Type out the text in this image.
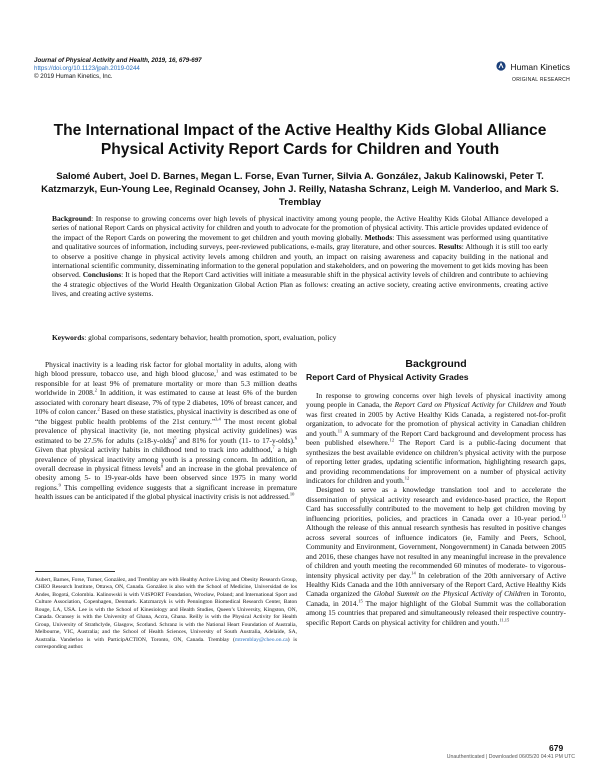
Journal of Physical Activity and Health, 2019, 16, 679-697
https://doi.org/10.1123/jpah.2019-0244
© 2019 Human Kinetics, Inc.
Human Kinetics
ORIGINAL RESEARCH
The International Impact of the Active Healthy Kids Global Alliance Physical Activity Report Cards for Children and Youth
Salomé Aubert, Joel D. Barnes, Megan L. Forse, Evan Turner, Silvia A. González, Jakub Kalinowski, Peter T. Katzmarzyk, Eun-Young Lee, Reginald Ocansey, John J. Reilly, Natasha Schranz, Leigh M. Vanderloo, and Mark S. Tremblay
Background: In response to growing concerns over high levels of physical inactivity among young people, the Active Healthy Kids Global Alliance developed a series of national Report Cards on physical activity for children and youth to advocate for the promotion of physical activity. This article provides updated evidence of the impact of the Report Cards on powering the movement to get children and youth moving globally. Methods: This assessment was performed using quantitative and qualitative sources of information, including surveys, peer-reviewed publications, e-mails, gray literature, and other sources. Results: Although it is still too early to observe a positive change in physical activity levels among children and youth, an impact on raising awareness and capacity building in the national and international scientific community, disseminating information to the general population and stakeholders, and on powering the movement to get kids moving has been observed. Conclusions: It is hoped that the Report Card activities will initiate a measurable shift in the physical activity levels of children and contribute to achieving the 4 strategic objectives of the World Health Organization Global Action Plan as follows: creating an active society, creating active environments, creating active lives, and creating active systems.
Keywords: global comparisons, sedentary behavior, health promotion, sport, evaluation, policy

Physical inactivity is a leading risk factor for global mortality in adults, along with high blood pressure, tobacco use, and high blood glucose,$^1$ and was estimated to be responsible for at least 9% of premature mortality or more than 5.3 million deaths worldwide in 2008.$^2$ In addition, it was estimated to cause at least 6% of the burden associated with coronary heart disease, 7% of type 2 diabetes, 10% of breast cancer, and 10% of colon cancer.$^2$ Based on these statistics, physical inactivity is described as one of “the biggest public health problems of the 21st century.”$^{3,4}$ The most recent global prevalence of physical inactivity (ie, not meeting physical activity guidelines) was estimated to be 27.5% for adults (≥18-y-olds)$^5$ and 81% for youth (11- to 17-y-olds).$^6$ Given that physical activity habits in childhood tend to track into adulthood,$^7$ a high prevalence of physical inactivity among youth is a pressing concern. In addition, an overall decrease in physical fitness levels$^8$ and an increase in the global prevalence of obesity among 5- to 19-year-olds have been observed since 1975 in many world regions.$^9$ This compelling evidence suggests that a significant increase in premature health issues can be anticipated if the global physical inactivity crisis is not addressed.$^{10}$

Background
Report Card of Physical Activity Grades

In response to growing concerns over high levels of physical inactivity among young people in Canada, the Report Card on Physical Activity for Children and Youth was first created in 2005 by Active Healthy Kids Canada, a registered not-for-profit organization, to advocate for the promotion of physical activity in Canadian children and youth.$^{11}$ A summary of the Report Card background and development process has been published elsewhere.$^{12}$ The Report Card is a public-facing document that synthesizes the best available evidence on children’s physical activity with the purpose of reporting letter grades, updating scientific information, highlighting research gaps, and providing recommendations for improvement on a number of physical activity indicators for children and youth.$^{12}$

Designed to serve as a knowledge translation tool and to accelerate the dissemination of physical activity research and evidence-based practice, the Report Card has successfully contributed to the movement to help get children moving by influencing priorities, policies, and practices in Canada over a 10-year period.$^{13}$ Although the release of this annual research synthesis has resulted in positive changes across several sources of influence indicators (ie, Family and Peers, School, Community and Environment, Government, Nongovernment) in Canada between 2005 and 2016, these changes have not resulted in any meaningful increase in the prevalence of children and youth meeting the recommended 60 minutes of moderate- to vigorous-intensity physical activity per day.$^{14}$ In celebration of the 20th anniversary of Active Healthy Kids Canada and the 10th anniversary of the Report Card, Active Healthy Kids Canada organized the Global Summit on the Physical Activity of Children in Toronto, Canada, in 2014.15 The major highlight of the Global Summit was the collaboration among 15 countries that prepared and simultaneously released their respective country-specific Report Cards on physical activity for children and youth.$^{11,15}$

Aubert, Barnes, Forse, Turner, González, and Tremblay are with Healthy Active Living and Obesity Research Group, CHEO Research Institute, Ottawa, ON, Canada. González is also with the School of Medicine, Universidad de los Andes, Bogotá, Colombia. Kalinowski is with V4SPORT Foundation, Wrocław, Poland; and International Sport and Culture Association, Copenhagen, Denmark. Katzmarzyk is with Pennington Biomedical Research Center, Baton Rouge, LA, USA. Lee is with the School of Kinesiology and Health Studies, Queen’s University, Kingston, ON, Canada. Ocansey is with the University of Ghana, Accra, Ghana. Reilly is with the Physical Activity for Health Group, University of Strathclyde, Glasgow, Scotland. Schranz is with the National Heart Foundation of Australia, Melbourne, VIC, Australia; and the School of Health Sciences, University of South Australia, Adelaide, SA, Australia. Vanderloo is with ParticipACTION, Toronto, ON, Canada. Tremblay (mtremblay@cheo.on.ca) is corresponding author.
679
Unauthenticated | Downloaded 06/05/20 04:41 PM UTC
